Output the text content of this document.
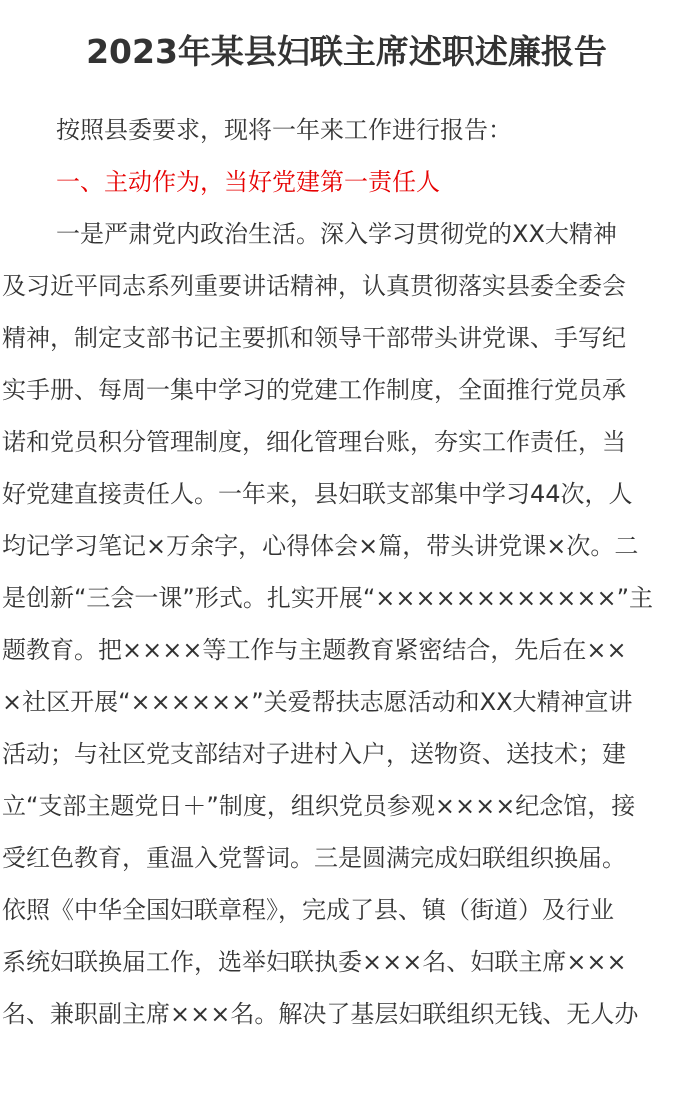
2023年某县妇联主席述职述廉报告

按照县委要求，现将一年来工作进行报告：

一、主动作为，当好党建第一责任人

一是严肃党内政治生活。深入学习贯彻党的XX大精神
及习近平同志系列重要讲话精神，认真贯彻落实县委全委会
精神，制定支部书记主要抓和领导干部带头讲党课、手写纪
实手册、每周一集中学习的党建工作制度，全面推行党员承
诺和党员积分管理制度，细化管理台账，夯实工作责任，当
好党建直接责任人。一年来，县妇联支部集中学习44次，人
均记学习笔记×万余字，心得体会×篇，带头讲党课×次。二
是创新“三会一课”形式。扎实开展“××××××××××××”主
题教育。把××××等工作与主题教育紧密结合，先后在××
×社区开展“××××××”关爱帮扶志愿活动和XX大精神宣讲
活动；与社区党支部结对子进村入户，送物资、送技术；建
立“支部主题党日＋”制度，组织党员参观××××纪念馆，接
受红色教育，重温入党誓词。三是圆满完成妇联组织换届。
依照《中华全国妇联章程》，完成了县、镇（街道）及行业
系统妇联换届工作，选举妇联执委×××名、妇联主席×××
名、兼职副主席×××名。解决了基层妇联组织无钱、无人办
